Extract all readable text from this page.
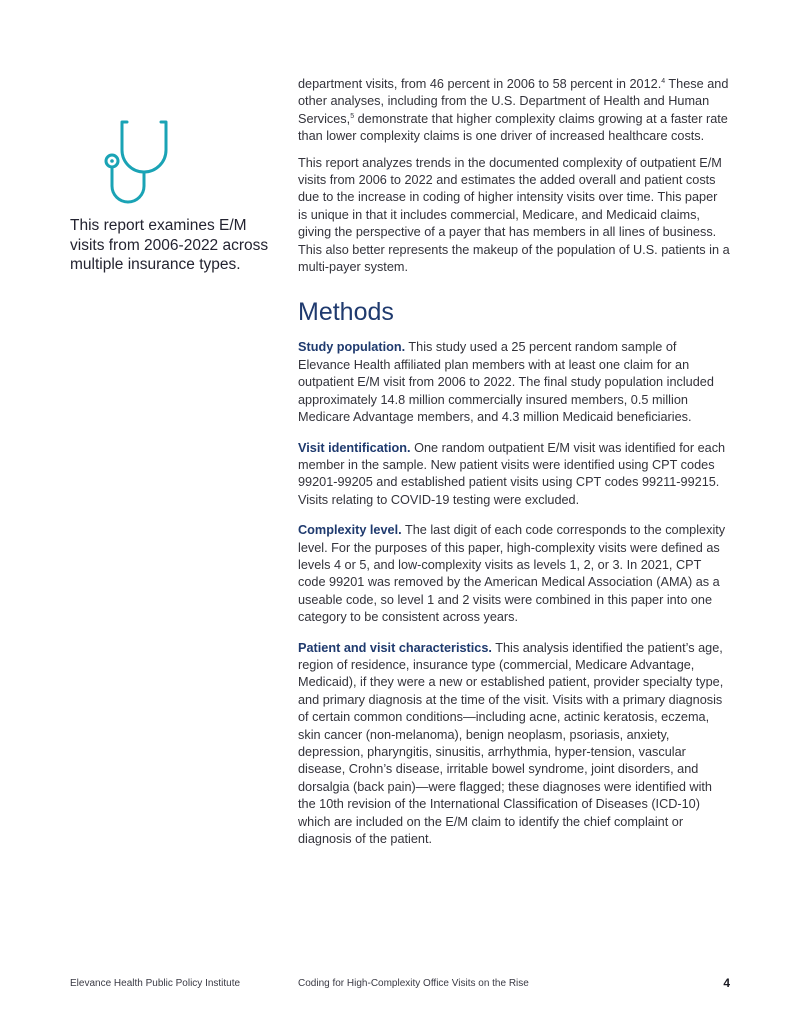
This report examines E/M visits from 2006-2022 across multiple insurance types.

department visits, from 46 percent in 2006 to 58 percent in 2012.$^4$ These and other analyses, including from the U.S. Department of Health and Human Services,$^5$ demonstrate that higher complexity claims growing at a faster rate than lower complexity claims is one driver of increased healthcare costs.

This report analyzes trends in the documented complexity of outpatient E/M visits from 2006 to 2022 and estimates the added overall and patient costs due to the increase in coding of higher intensity visits over time. This paper is unique in that it includes commercial, Medicare, and Medicaid claims, giving the perspective of a payer that has members in all lines of business. This also better represents the makeup of the population of U.S. patients in a multi-payer system.

Methods

Study population. This study used a 25 percent random sample of Elevance Health affiliated plan members with at least one claim for an outpatient E/M visit from 2006 to 2022. The final study population included approximately 14.8 million commercially insured members, 0.5 million Medicare Advantage members, and 4.3 million Medicaid beneficiaries.

Visit identification. One random outpatient E/M visit was identified for each member in the sample. New patient visits were identified using CPT codes 99201-99205 and established patient visits using CPT codes 99211-99215. Visits relating to COVID-19 testing were excluded.

Complexity level. The last digit of each code corresponds to the complexity level. For the purposes of this paper, high-complexity visits were defined as levels 4 or 5, and low-complexity visits as levels 1, 2, or 3. In 2021, CPT code 99201 was removed by the American Medical Association (AMA) as a useable code, so level 1 and 2 visits were combined in this paper into one category to be consistent across years.

Patient and visit characteristics. This analysis identified the patient’s age, region of residence, insurance type (commercial, Medicare Advantage, Medicaid), if they were a new or established patient, provider specialty type, and primary diagnosis at the time of the visit. Visits with a primary diagnosis of certain common conditions—including acne, actinic keratosis, eczema, skin cancer (non-melanoma), benign neoplasm, psoriasis, anxiety, depression, pharyngitis, sinusitis, arrhythmia, hyper-tension, vascular disease, Crohn’s disease, irritable bowel syndrome, joint disorders, and dorsalgia (back pain)—were flagged; these diagnoses were identified with the 10th revision of the International Classification of Diseases (ICD-10) which are included on the E/M claim to identify the chief complaint or diagnosis of the patient.

Elevance Health Public Policy Institute	Coding for High-Complexity Office Visits on the Rise	4
